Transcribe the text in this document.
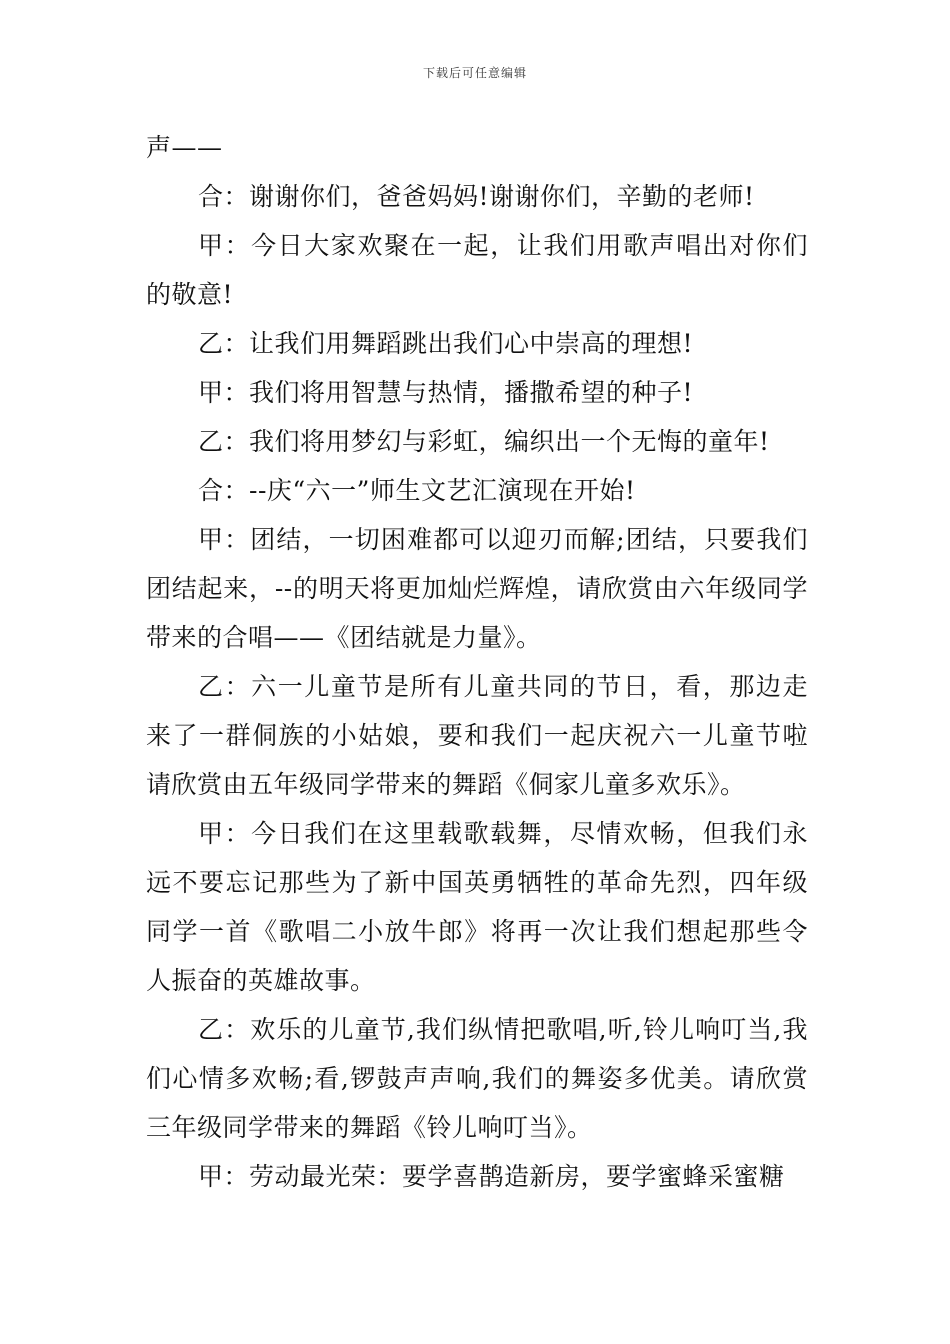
下载后可任意编辑

声——

合：谢谢你们，爸爸妈妈!谢谢你们，辛勤的老师!

甲：今日大家欢聚在一起，让我们用歌声唱出对你们的敬意!

乙：让我们用舞蹈跳出我们心中崇高的理想!

甲：我们将用智慧与热情，播撒希望的种子!

乙：我们将用梦幻与彩虹，编织出一个无悔的童年!

合：--庆“六一”师生文艺汇演现在开始!

甲：团结，一切困难都可以迎刃而解;团结，只要我们团结起来，--的明天将更加灿烂辉煌，请欣赏由六年级同学带来的合唱——《团结就是力量》。

乙：六一儿童节是所有儿童共同的节日，看，那边走来了一群侗族的小姑娘，要和我们一起庆祝六一儿童节啦请欣赏由五年级同学带来的舞蹈《侗家儿童多欢乐》。

甲：今日我们在这里载歌载舞，尽情欢畅，但我们永远不要忘记那些为了新中国英勇牺牲的革命先烈，四年级同学一首《歌唱二小放牛郎》将再一次让我们想起那些令人振奋的英雄故事。

乙：欢乐的儿童节,我们纵情把歌唱,听,铃儿响叮当,我们心情多欢畅;看,锣鼓声声响,我们的舞姿多优美。请欣赏三年级同学带来的舞蹈《铃儿响叮当》。

甲：劳动最光荣：要学喜鹊造新房，要学蜜蜂采蜜糖
